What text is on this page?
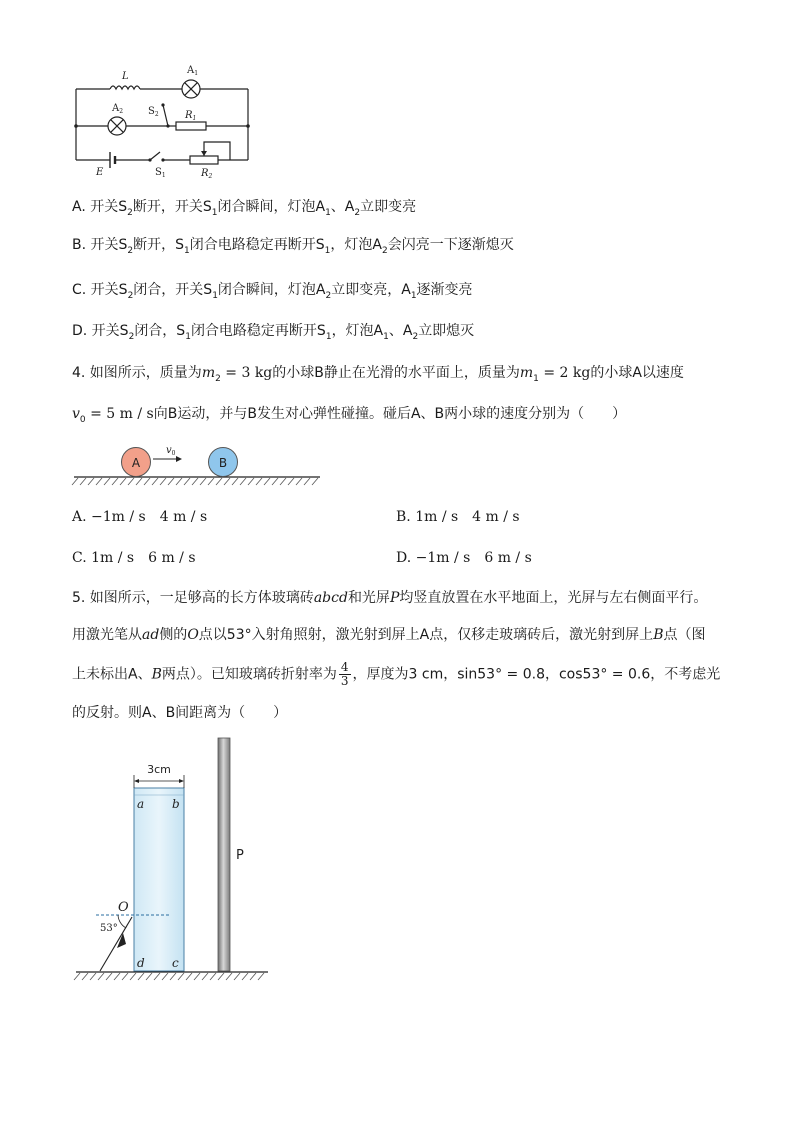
L
$A_1$
$A_2$ $S_2$	$R_1$
E	$S_1$	$R_2$
A. 开关$S_2$断开，开关$S_1$闭合瞬间，灯泡$A_1$、$A_2$立即变亮
B. 开关$S_2$断开，$S_1$闭合电路稳定再断开$S_1$，灯泡$A_2$会闪亮一下逐渐熄灭
C. 开关$S_2$闭合，开关$S_1$闭合瞬间，灯泡$A_2$立即变亮，$A_1$逐渐变亮
D. 开关$S_2$闭合，$S_1$闭合电路稳定再断开$S_1$，灯泡$A_1$、$A_2$立即熄灭
4. 如图所示，质量为$m_2 = 3$ kg的小球B静止在光滑的水平面上，质量为$m_1 = 2$ kg的小球A以速度
$v_0 = 5$ m / s向B运动，并与B发生对心弹性碰撞。碰后A、B两小球的速度分别为（　　）
A	B
$v_0$
A. −1m / s　4 m / s	B. 1m / s　4 m / s
C. 1m / s　6 m / s	D. −1m / s　6 m / s
5. 如图所示，一足够高的长方体玻璃砖abcd和光屏P均竖直放置在水平地面上，光屏与左右侧面平行。
用激光笔从ad侧的O点以53°入射角照射，激光射到屏上A点，仅移走玻璃砖后，激光射到屏上B点（图
上未标出A、B两点）。已知玻璃砖折射率为 $\frac{4}{3}$ ，厚度为3 cm，sin53° = 0.8，cos53° = 0.6，不考虑光
的反射。则A、B间距离为（　　）
3cm
a b
d c
O
53°
P
